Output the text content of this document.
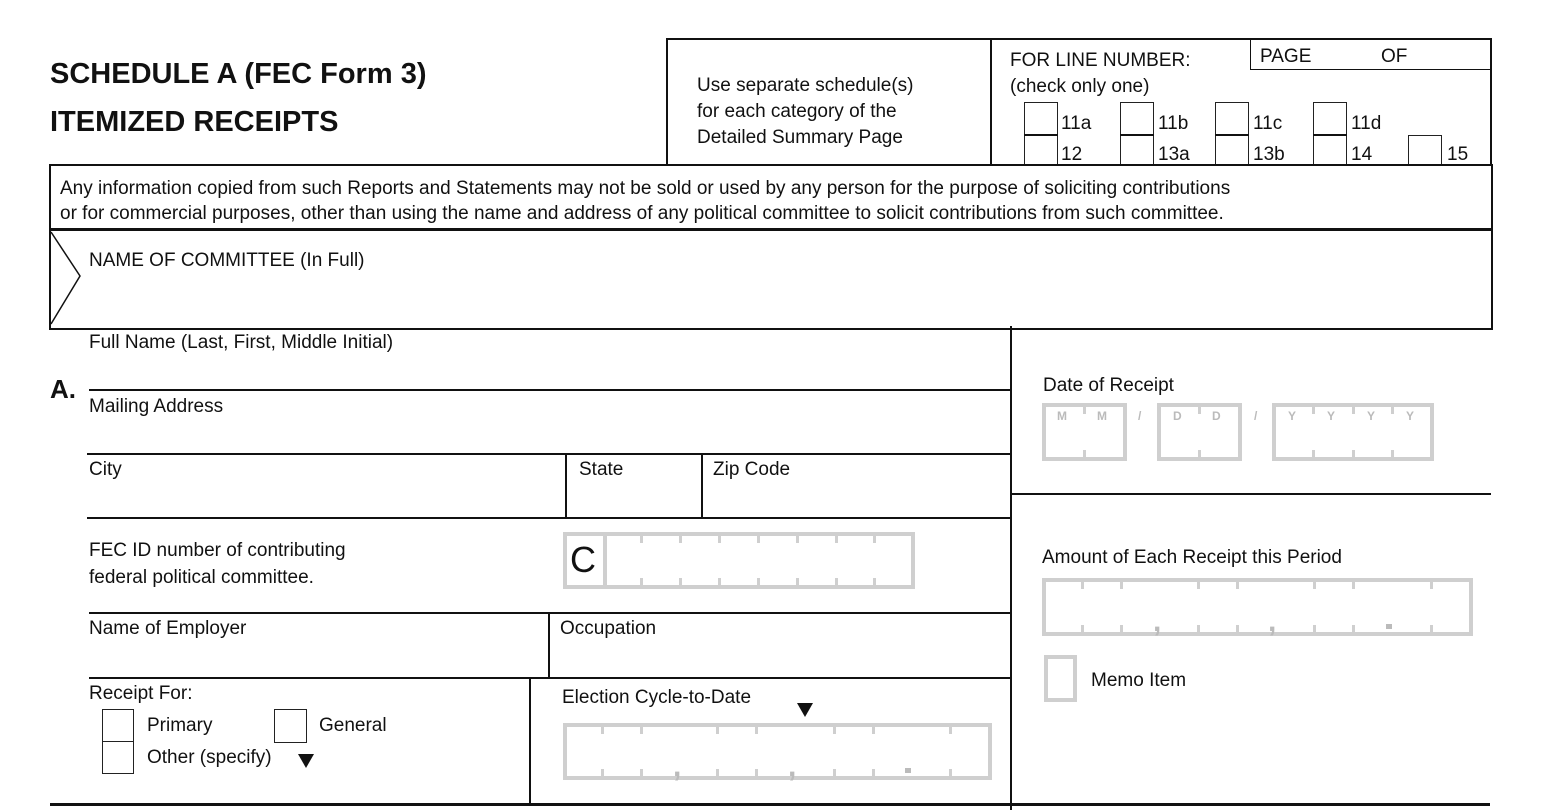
SCHEDULE A (FEC Form 3)
ITEMIZED RECEIPTS
Use separate schedule(s)
for each category of the
Detailed Summary Page
FOR LINE NUMBER:
(check only one)
PAGE	OF
11a	11b	11c	11d
12	13a	13b	14	15
Any information copied from such Reports and Statements may not be sold or used by any person for the purpose of soliciting contributions
or for commercial purposes, other than using the name and address of any political committee to solicit contributions from such committee.
NAME OF COMMITTEE (In Full)
A.
Full Name (Last, First, Middle Initial)
Mailing Address
City	State	Zip Code
FEC ID number of contributing
federal political committee.	C
Name of Employer	Occupation
Receipt For:
Primary	General
Other (specify)
Election Cycle-to-Date
,	,
Date of Receipt
M	M	/	D	D	/	Y	Y	Y	Y
Amount of Each Receipt this Period
,	,
Memo Item
